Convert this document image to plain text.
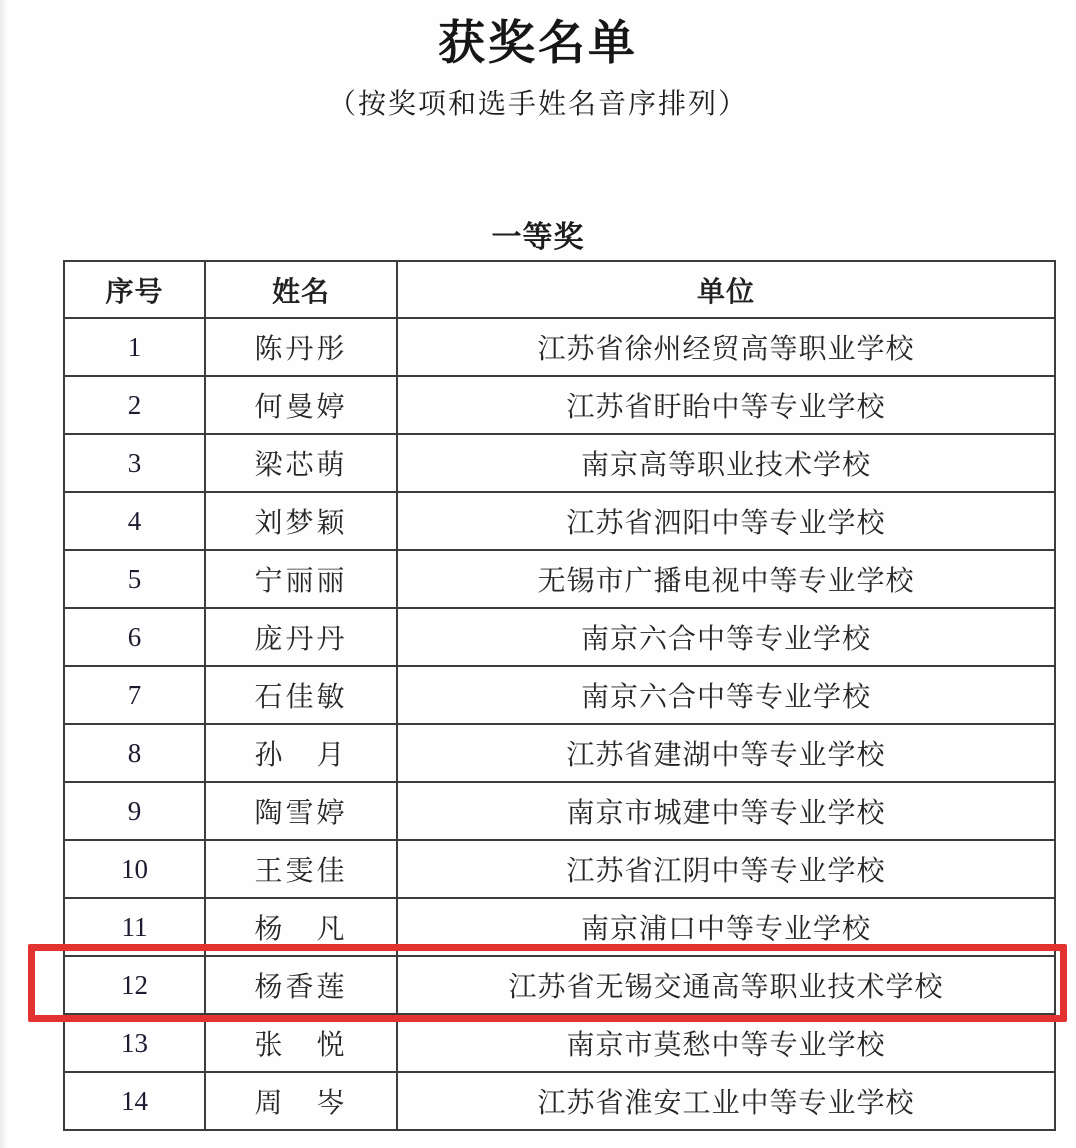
获奖名单
（按奖项和选手姓名音序排列）
一等奖
序号	姓名	单位
1	陈丹彤	江苏省徐州经贸高等职业学校
2	何曼婷	江苏省盱眙中等专业学校
3	梁芯萌	南京高等职业技术学校
4	刘梦颖	江苏省泗阳中等专业学校
5	宁丽丽	无锡市广播电视中等专业学校
6	庞丹丹	南京六合中等专业学校
7	石佳敏	南京六合中等专业学校
8	孙　月	江苏省建湖中等专业学校
9	陶雪婷	南京市城建中等专业学校
10	王雯佳	江苏省江阴中等专业学校
11	杨　凡	南京浦口中等专业学校
12	杨香莲	江苏省无锡交通高等职业技术学校
13	张　悦	南京市莫愁中等专业学校
14	周　岑	江苏省淮安工业中等专业学校
